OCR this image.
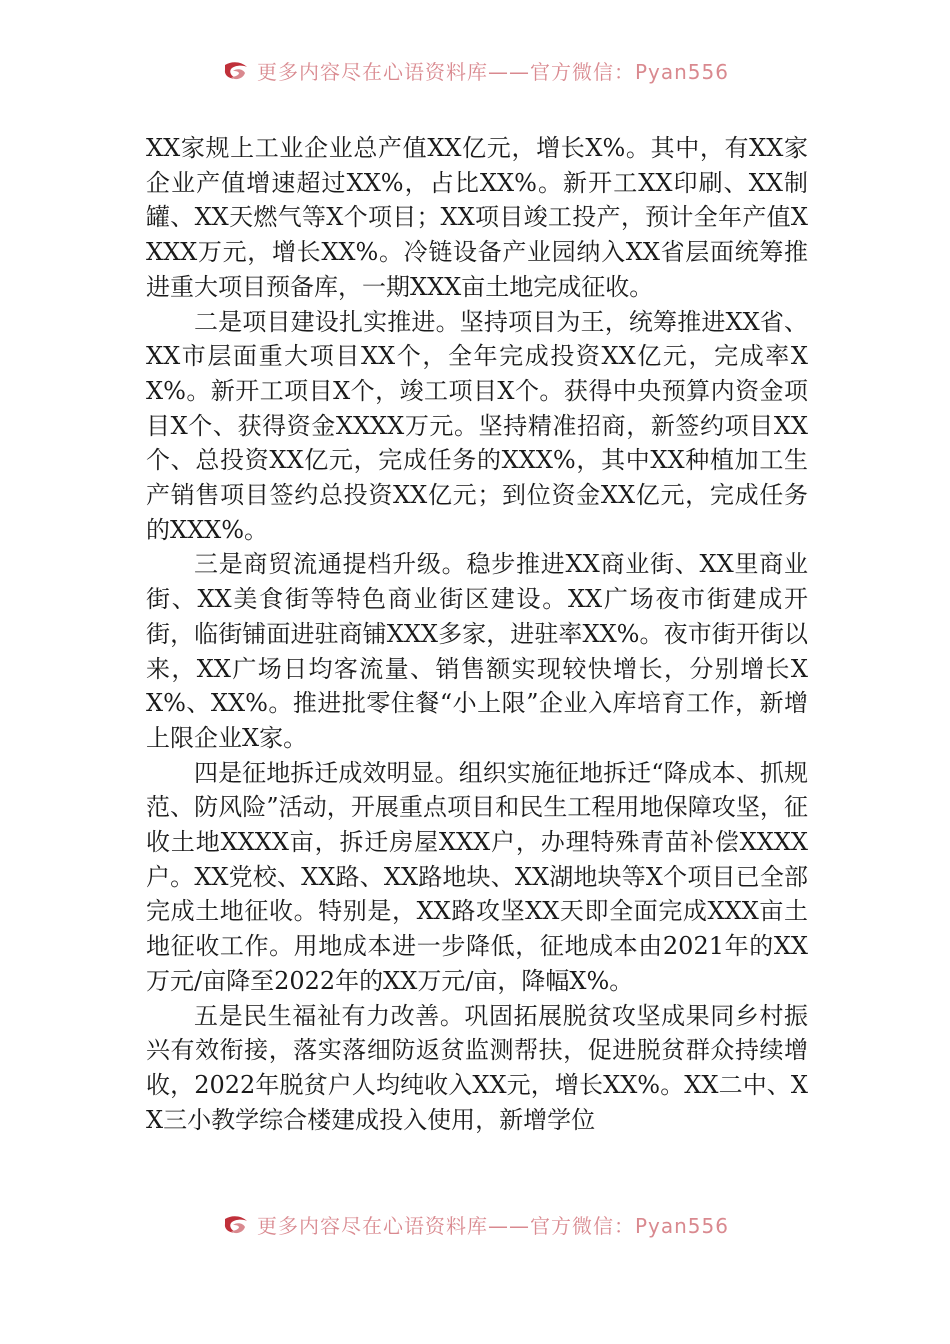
更多内容尽在心语资料库——官方微信：Pyan556

XX家规上工业企业总产值XX亿元，增长X%。其中，有XX家企业产值增速超过XX%，占比XX%。新开工XX印刷、XX制罐、XX天燃气等X个项目；XX项目竣工投产，预计全年产值XXXX万元，增长XX%。冷链设备产业园纳入XX省层面统筹推进重大项目预备库，一期XXX亩土地完成征收。

二是项目建设扎实推进。坚持项目为王，统筹推进XX省、XX市层面重大项目XX个，全年完成投资XX亿元，完成率XX%。新开工项目X个，竣工项目X个。获得中央预算内资金项目X个、获得资金XXXX万元。坚持精准招商，新签约项目XX个、总投资XX亿元，完成任务的XXX%，其中XX种植加工生产销售项目签约总投资XX亿元；到位资金XX亿元，完成任务的XXX%。

三是商贸流通提档升级。稳步推进XX商业街、XX里商业街、XX美食街等特色商业街区建设。XX广场夜市街建成开街，临街铺面进驻商铺XXX多家，进驻率XX%。夜市街开街以来，XX广场日均客流量、销售额实现较快增长，分别增长XX%、XX%。推进批零住餐“小上限”企业入库培育工作，新增上限企业X家。

四是征地拆迁成效明显。组织实施征地拆迁“降成本、抓规范、防风险”活动，开展重点项目和民生工程用地保障攻坚，征收土地XXXX亩，拆迁房屋XXX户，办理特殊青苗补偿XXXX户。XX党校、XX路、XX路地块、XX湖地块等X个项目已全部完成土地征收。特别是，XX路攻坚XX天即全面完成XXX亩土地征收工作。用地成本进一步降低，征地成本由2021年的XX万元/亩降至2022年的XX万元/亩，降幅X%。

五是民生福祉有力改善。巩固拓展脱贫攻坚成果同乡村振兴有效衔接，落实落细防返贫监测帮扶，促进脱贫群众持续增收，2022年脱贫户人均纯收入XX元，增长XX%。XX二中、XX三小教学综合楼建成投入使用，新增学位

更多内容尽在心语资料库——官方微信：Pyan556
